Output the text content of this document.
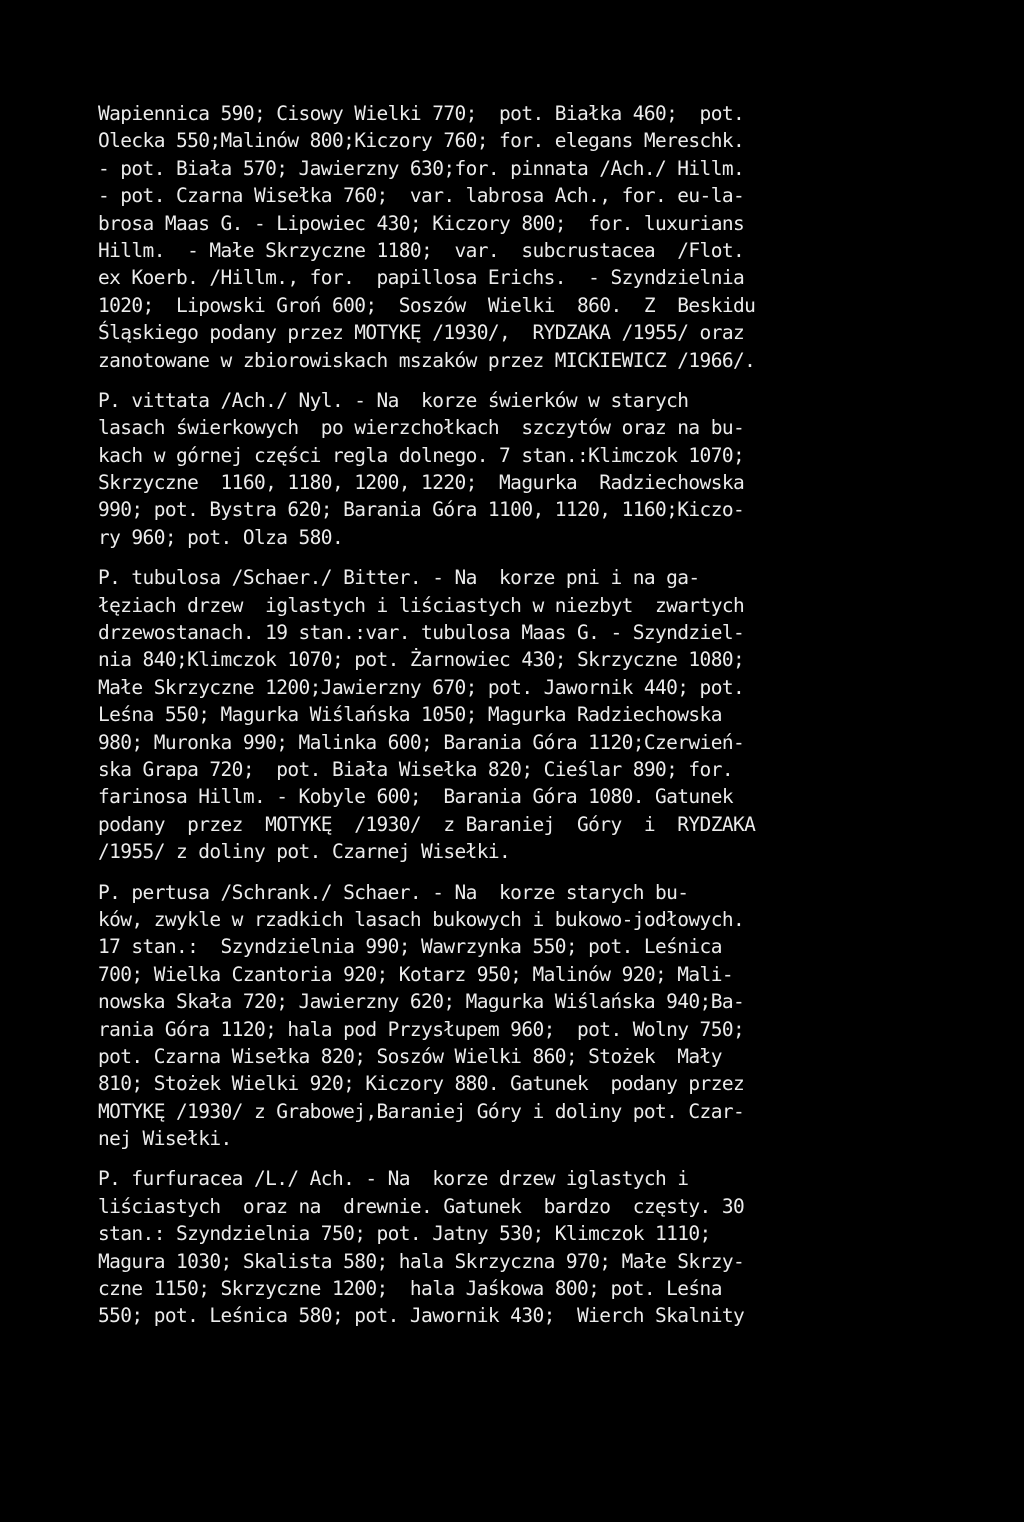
Wapiennica 590; Cisowy Wielki 770;  pot. Białka 460;  pot.
Olecka 550;Malinów 800;Kiczory 760; for. elegans Mereschk.
- pot. Biała 570; Jawierzny 630;for. pinnata /Ach./ Hillm.
- pot. Czarna Wisełka 760;  var. labrosa Ach., for. eu-la-
brosa Maas G. - Lipowiec 430; Kiczory 800;  for. luxurians
Hillm.  - Małe Skrzyczne 1180;  var.  subcrustacea  /Flot.
ex Koerb. /Hillm., for.  papillosa Erichs.  - Szyndzielnia
1020;  Lipowski Groń 600;  Soszów  Wielki  860.  Z  Beskidu
Śląskiego podany przez MOTYKĘ /1930/,  RYDZAKA /1955/ oraz
zanotowane w zbiorowiskach mszaków przez MICKIEWICZ /1966/.
P. vittata /Ach./ Nyl. - Na  korze świerków w starych
lasach świerkowych  po wierzchołkach  szczytów oraz na bu-
kach w górnej części regla dolnego. 7 stan.:Klimczok 1070;
Skrzyczne  1160, 1180, 1200, 1220;  Magurka  Radziechowska
990; pot. Bystra 620; Barania Góra 1100, 1120, 1160;Kiczo-
ry 960; pot. Olza 580.
P. tubulosa /Schaer./ Bitter. - Na  korze pni i na ga-
łęziach drzew  iglastych i liściastych w niezbyt  zwartych
drzewostanach. 19 stan.:var. tubulosa Maas G. - Szyndziel-
nia 840;Klimczok 1070; pot. Żarnowiec 430; Skrzyczne 1080;
Małe Skrzyczne 1200;Jawierzny 670; pot. Jawornik 440; pot.
Leśna 550; Magurka Wiślańska 1050; Magurka Radziechowska
980; Muronka 990; Malinka 600; Barania Góra 1120;Czerwień-
ska Grapa 720;  pot. Biała Wisełka 820; Cieślar 890; for.
farinosa Hillm. - Kobyle 600;  Barania Góra 1080. Gatunek
podany  przez  MOTYKĘ  /1930/  z Baraniej  Góry  i  RYDZAKA
/1955/ z doliny pot. Czarnej Wisełki.
P. pertusa /Schrank./ Schaer. - Na  korze starych bu-
ków, zwykle w rzadkich lasach bukowych i bukowo-jodłowych.
17 stan.:  Szyndzielnia 990; Wawrzynka 550; pot. Leśnica
700; Wielka Czantoria 920; Kotarz 950; Malinów 920; Mali-
nowska Skała 720; Jawierzny 620; Magurka Wiślańska 940;Ba-
rania Góra 1120; hala pod Przysłupem 960;  pot. Wolny 750;
pot. Czarna Wisełka 820; Soszów Wielki 860; Stożek  Mały
810; Stożek Wielki 920; Kiczory 880. Gatunek  podany przez
MOTYKĘ /1930/ z Grabowej,Baraniej Góry i doliny pot. Czar-
nej Wisełki.
P. furfuracea /L./ Ach. - Na  korze drzew iglastych i
liściastych  oraz na  drewnie. Gatunek  bardzo  częsty. 30
stan.: Szyndzielnia 750; pot. Jatny 530; Klimczok 1110;
Magura 1030; Skalista 580; hala Skrzyczna 970; Małe Skrzy-
czne 1150; Skrzyczne 1200;  hala Jaśkowa 800; pot. Leśna
550; pot. Leśnica 580; pot. Jawornik 430;  Wierch Skalnity
